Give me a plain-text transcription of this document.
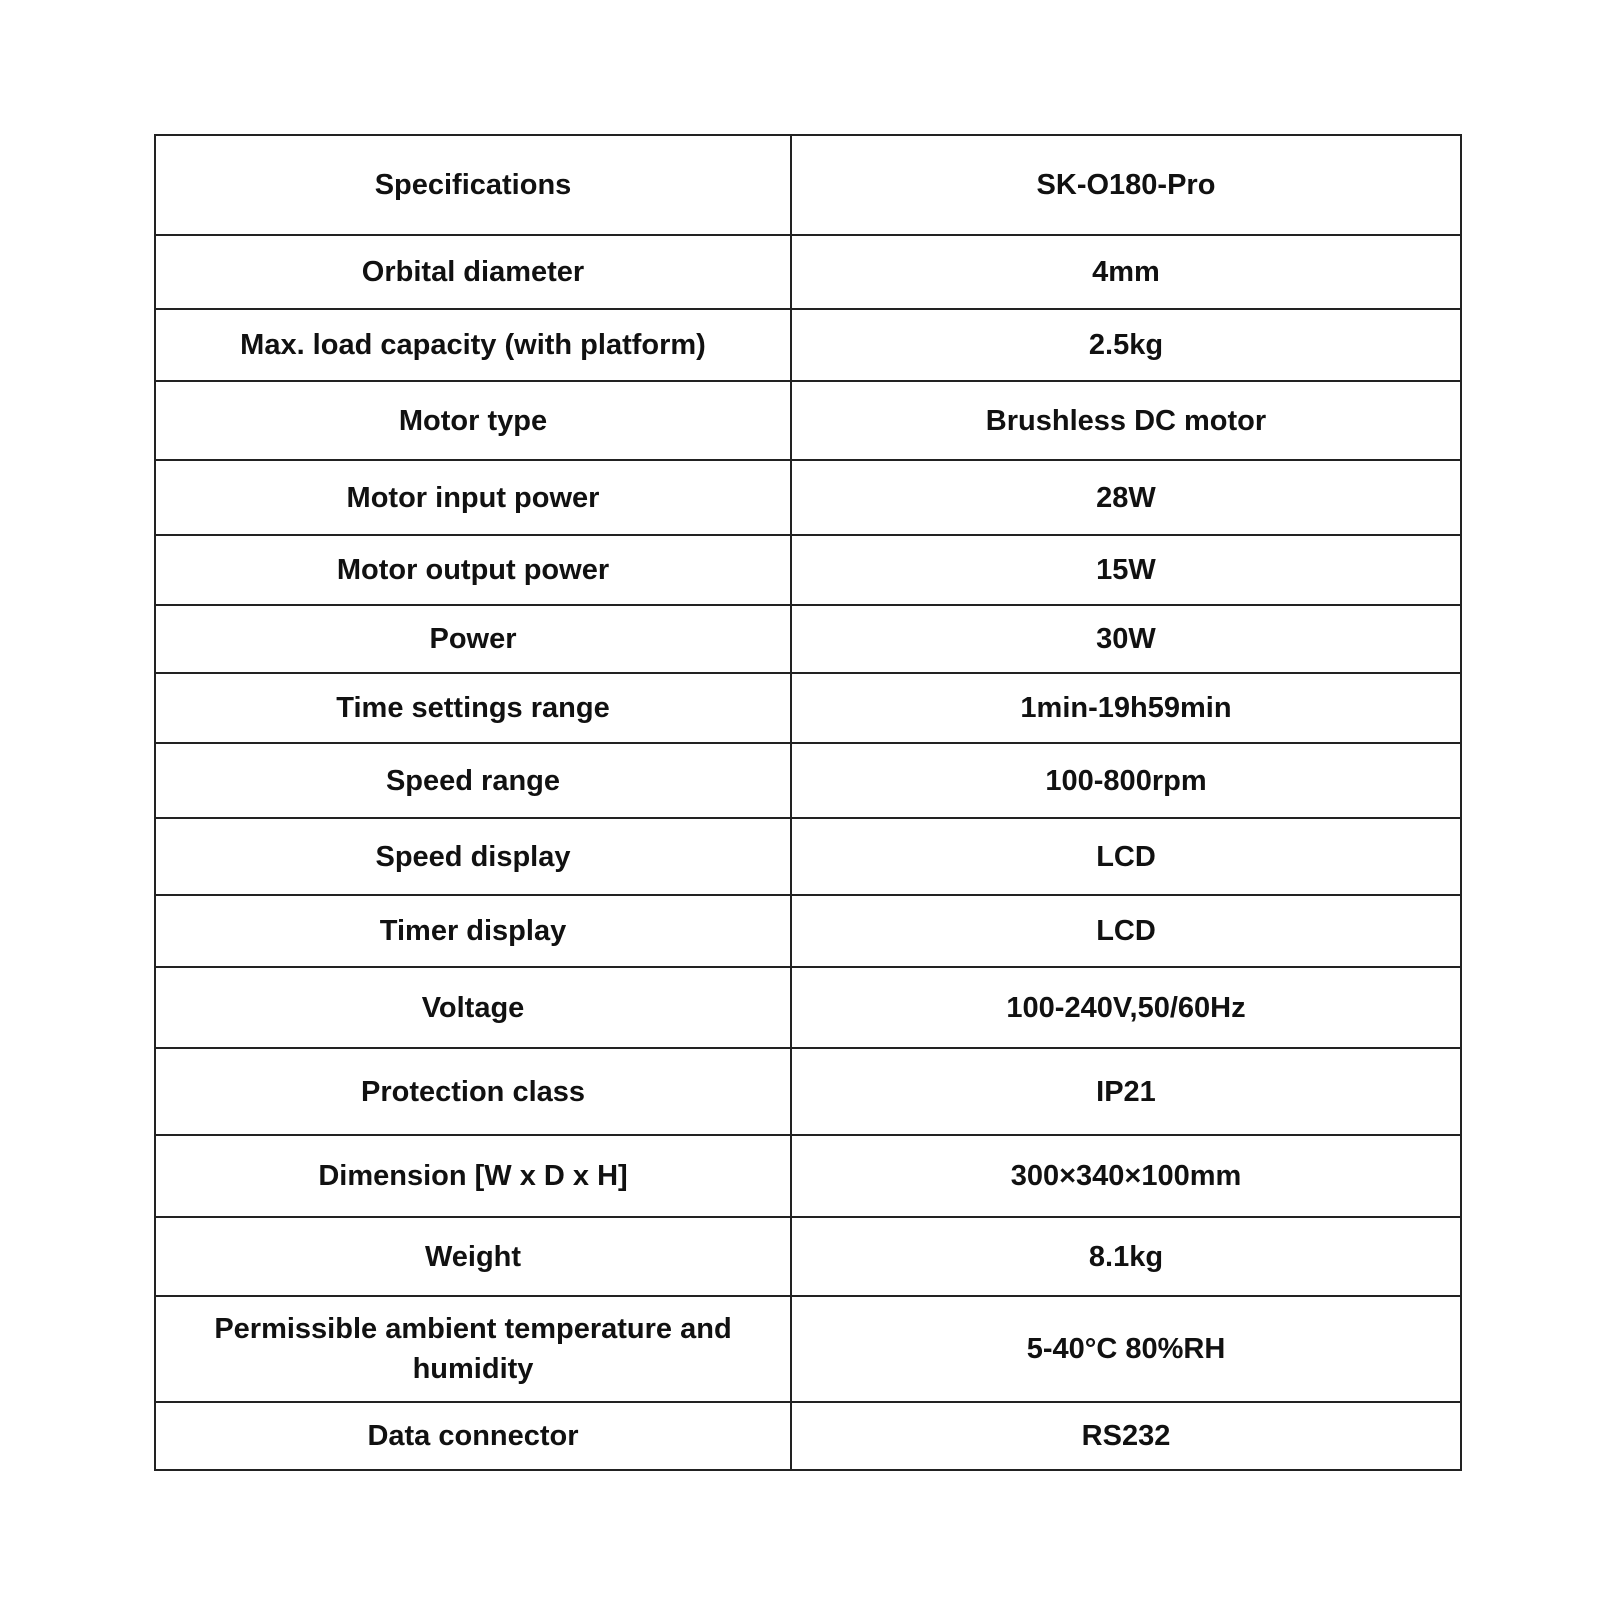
Specifications	SK-O180-Pro
Orbital diameter	4mm
Max. load capacity (with platform)	2.5kg
Motor type	Brushless DC motor
Motor input power	28W
Motor output power	15W
Power	30W
Time settings range	1min-19h59min
Speed range	100-800rpm
Speed display	LCD
Timer display	LCD
Voltage	100-240V,50/60Hz
Protection class	IP21
Dimension [W x D x H]	300×340×100mm
Weight	8.1kg
Permissible ambient temperature and humidity	5-40°C 80%RH
Data connector	RS232
